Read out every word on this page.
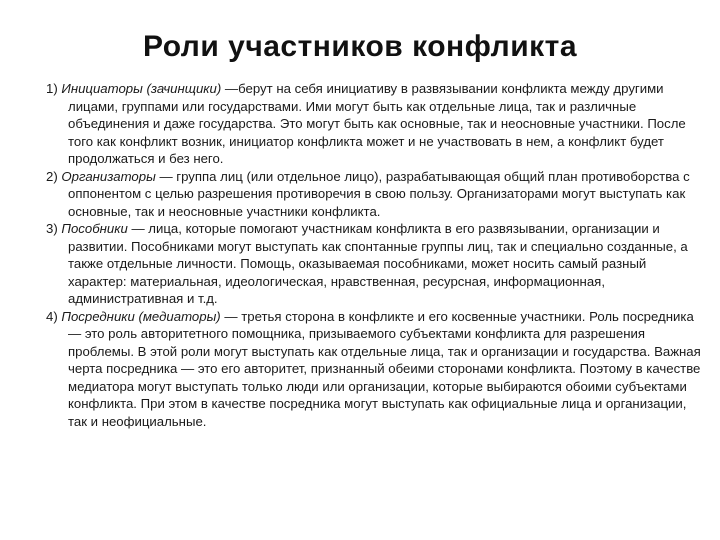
Роли участников конфликта

1) Инициаторы (зачинщики) —берут на себя инициативу в развязывании конфликта между другими лицами, группами или государствами. Ими могут быть как отдельные лица, так и различные объединения и даже государства. Это могут быть как основные, так и неосновные участники. После того как конфликт возник, инициатор конфликта может и не участвовать в нем, а конфликт будет продолжаться и без него.

2) Организаторы — группа лиц (или отдельное лицо), разрабатывающая общий план противоборства с оппонентом с целью разрешения противоречия в свою пользу. Организаторами могут выступать как основные, так и неосновные участники конфликта.

3) Пособники — лица, которые помогают участникам конфликта в его развязывании, организации и развитии. Пособниками могут выступать как спонтанные группы лиц, так и специально созданные, а также отдельные личности. Помощь, оказываемая пособниками, может носить самый разный характер: материальная, идеологическая, нравственная, ресурсная, информационная, административная и т.д.

4) Посредники (медиаторы) — третья сторона в конфликте и его косвенные участники. Роль посредника — это роль авторитетного помощника, призываемого субъектами конфликта для разрешения проблемы. В этой роли могут выступать как отдельные лица, так и организации и государства. Важная черта посредника — это его авторитет, признанный обеими сторонами конфликта. Поэтому в качестве медиатора могут выступать только люди или организации, которые выбираются обоими субъектами конфликта. При этом в качестве посредника могут выступать как официальные лица и организации, так и неофициальные.
